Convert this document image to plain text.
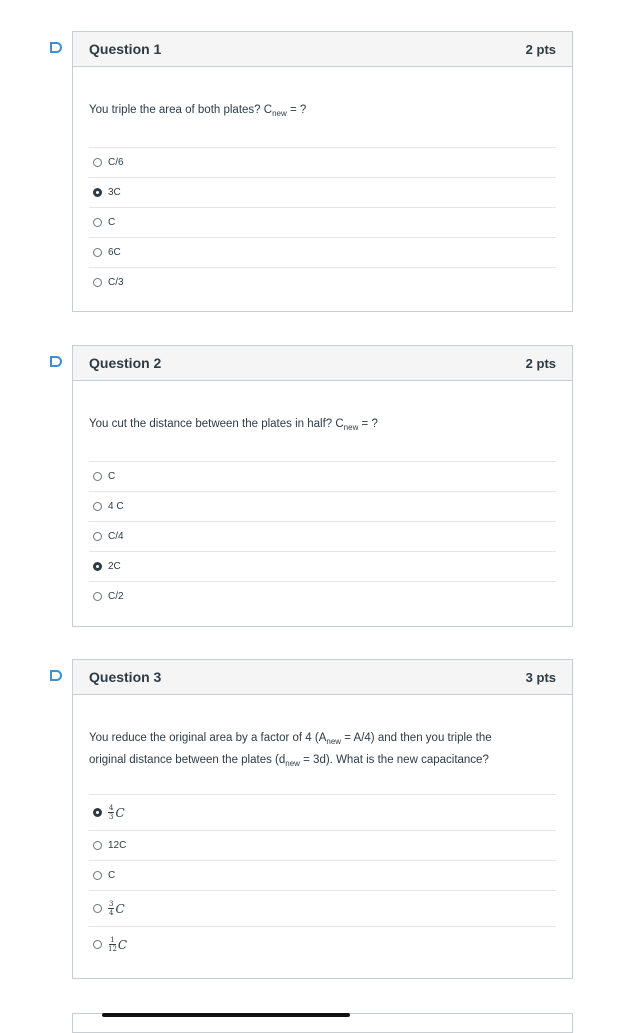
Question 1	2 pts
You triple the area of both plates? $C_{new}$ = ?
C/6
3C
C
6C
C/3
Question 2	2 pts
You cut the distance between the plates in half? $C_{new}$ = ?
C
4 C
C/4
2C
C/2
Question 3	3 pts
You reduce the original area by a factor of 4 $(A_{new} = A/4)$ and then you triple the
original distance between the plates $(d_{new} = 3d)$. What is the new capacitance?
$\frac{4}{3}$ C
12C
C
$\frac{3}{4}$ C
$\frac{1}{12}$ C
